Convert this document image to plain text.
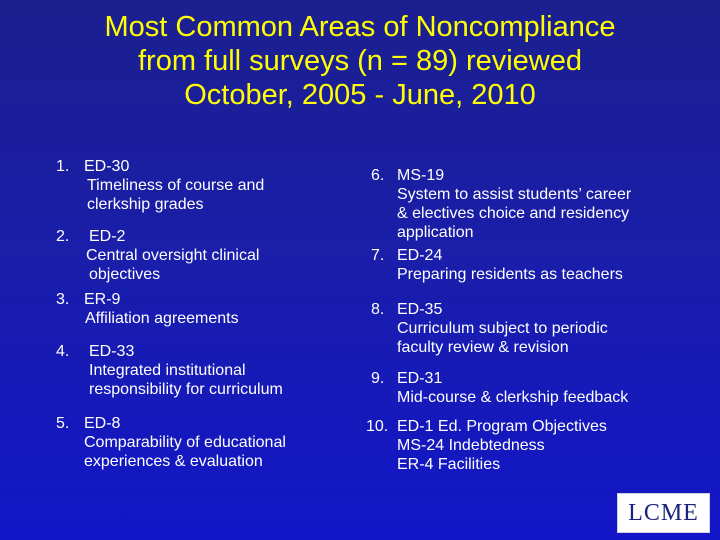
Most Common Areas of Noncompliance
from full surveys (n = 89) reviewed
October, 2005 - June, 2010
1. ED-30
Timeliness of course and
clerkship grades
2. ED-2
Central oversight clinical
objectives
3. ER-9
Affiliation agreements
4. ED-33
Integrated institutional
responsibility for curriculum
5. ED-8
Comparability of educational
experiences & evaluation
6. MS-19
System to assist students’ career
& electives choice and residency
application
7. ED-24
Preparing residents as teachers
8. ED-35
Curriculum subject to periodic
faculty review & revision
9. ED-31
Mid-course & clerkship feedback
10. ED-1 Ed. Program Objectives
MS-24 Indebtedness
ER-4 Facilities
LCME
